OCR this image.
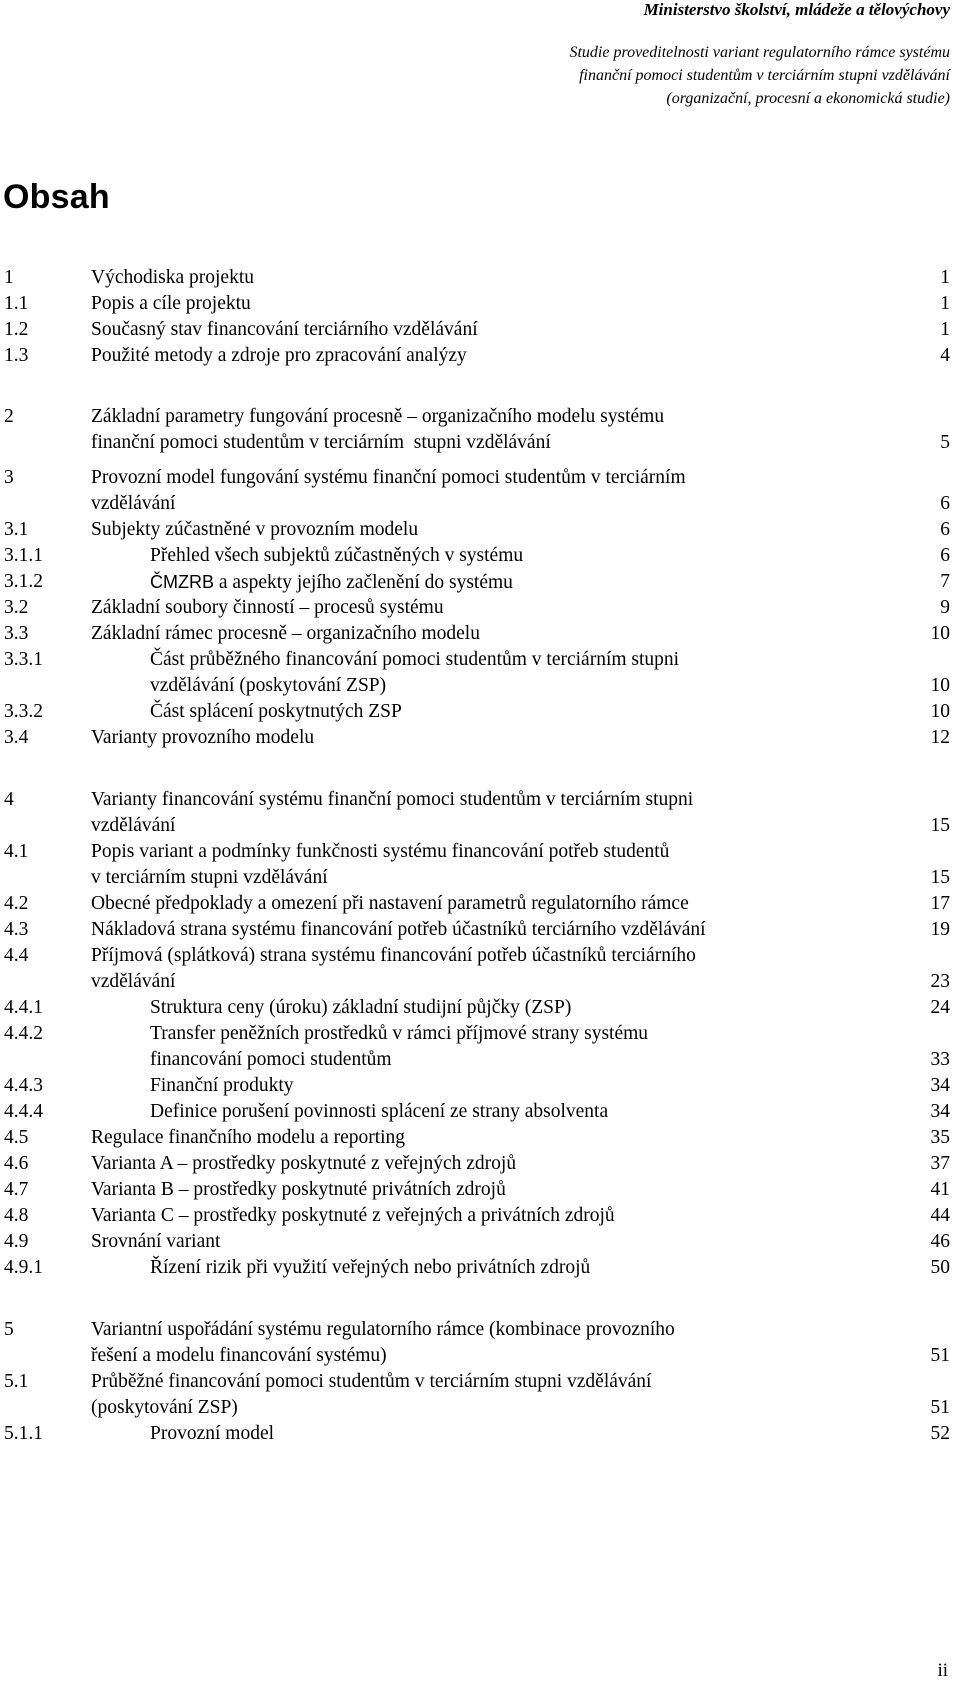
Ministerstvo školství, mládeže a tělovýchovy
Studie proveditelnosti variant regulatorního rámce systému
finanční pomoci studentům v terciárním stupni vzdělávání
(organizační, procesní a ekonomická studie)
Obsah
1	Východiska projektu	1
1.1	Popis a cíle projektu	1
1.2	Současný stav financování terciárního vzdělávání	1
1.3	Použité metody a zdroje pro zpracování analýzy	4
2	Základní parametry fungování procesně – organizačního modelu systému
finanční pomoci studentům v terciárním  stupni vzdělávání	5
3	Provozní model fungování systému finanční pomoci studentům v terciárním
vzdělávání	6
3.1	Subjekty zúčastněné v provozním modelu	6
3.1.1	Přehled všech subjektů zúčastněných v systému	6
3.1.2	ČMZRB a aspekty jejího začlenění do systému	7
3.2	Základní soubory činností – procesů systému	9
3.3	Základní rámec procesně – organizačního modelu	10
3.3.1	Část průběžného financování pomoci studentům v terciárním stupni
vzdělávání (poskytování ZSP)	10
3.3.2	Část splácení poskytnutých ZSP	10
3.4	Varianty provozního modelu	12
4	Varianty financování systému finanční pomoci studentům v terciárním stupni
vzdělávání	15
4.1	Popis variant a podmínky funkčnosti systému financování potřeb studentů
v terciárním stupni vzdělávání	15
4.2	Obecné předpoklady a omezení při nastavení parametrů regulatorního rámce	17
4.3	Nákladová strana systému financování potřeb účastníků terciárního vzdělávání	19
4.4	Příjmová (splátková) strana systému financování potřeb účastníků terciárního
vzdělávání	23
4.4.1	Struktura ceny (úroku) základní studijní půjčky (ZSP)	24
4.4.2	Transfer peněžních prostředků v rámci příjmové strany systému
financování pomoci studentům	33
4.4.3	Finanční produkty	34
4.4.4	Definice porušení povinnosti splácení ze strany absolventa	34
4.5	Regulace finančního modelu a reporting	35
4.6	Varianta A – prostředky poskytnuté z veřejných zdrojů	37
4.7	Varianta B – prostředky poskytnuté privátních zdrojů	41
4.8	Varianta C – prostředky poskytnuté z veřejných a privátních zdrojů	44
4.9	Srovnání variant	46
4.9.1	Řízení rizik při využití veřejných nebo privátních zdrojů	50
5	Variantní uspořádání systému regulatorního rámce (kombinace provozního
řešení a modelu financování systému)	51
5.1	Průběžné financování pomoci studentům v terciárním stupni vzdělávání
(poskytování ZSP)	51
5.1.1	Provozní model	52
ii
